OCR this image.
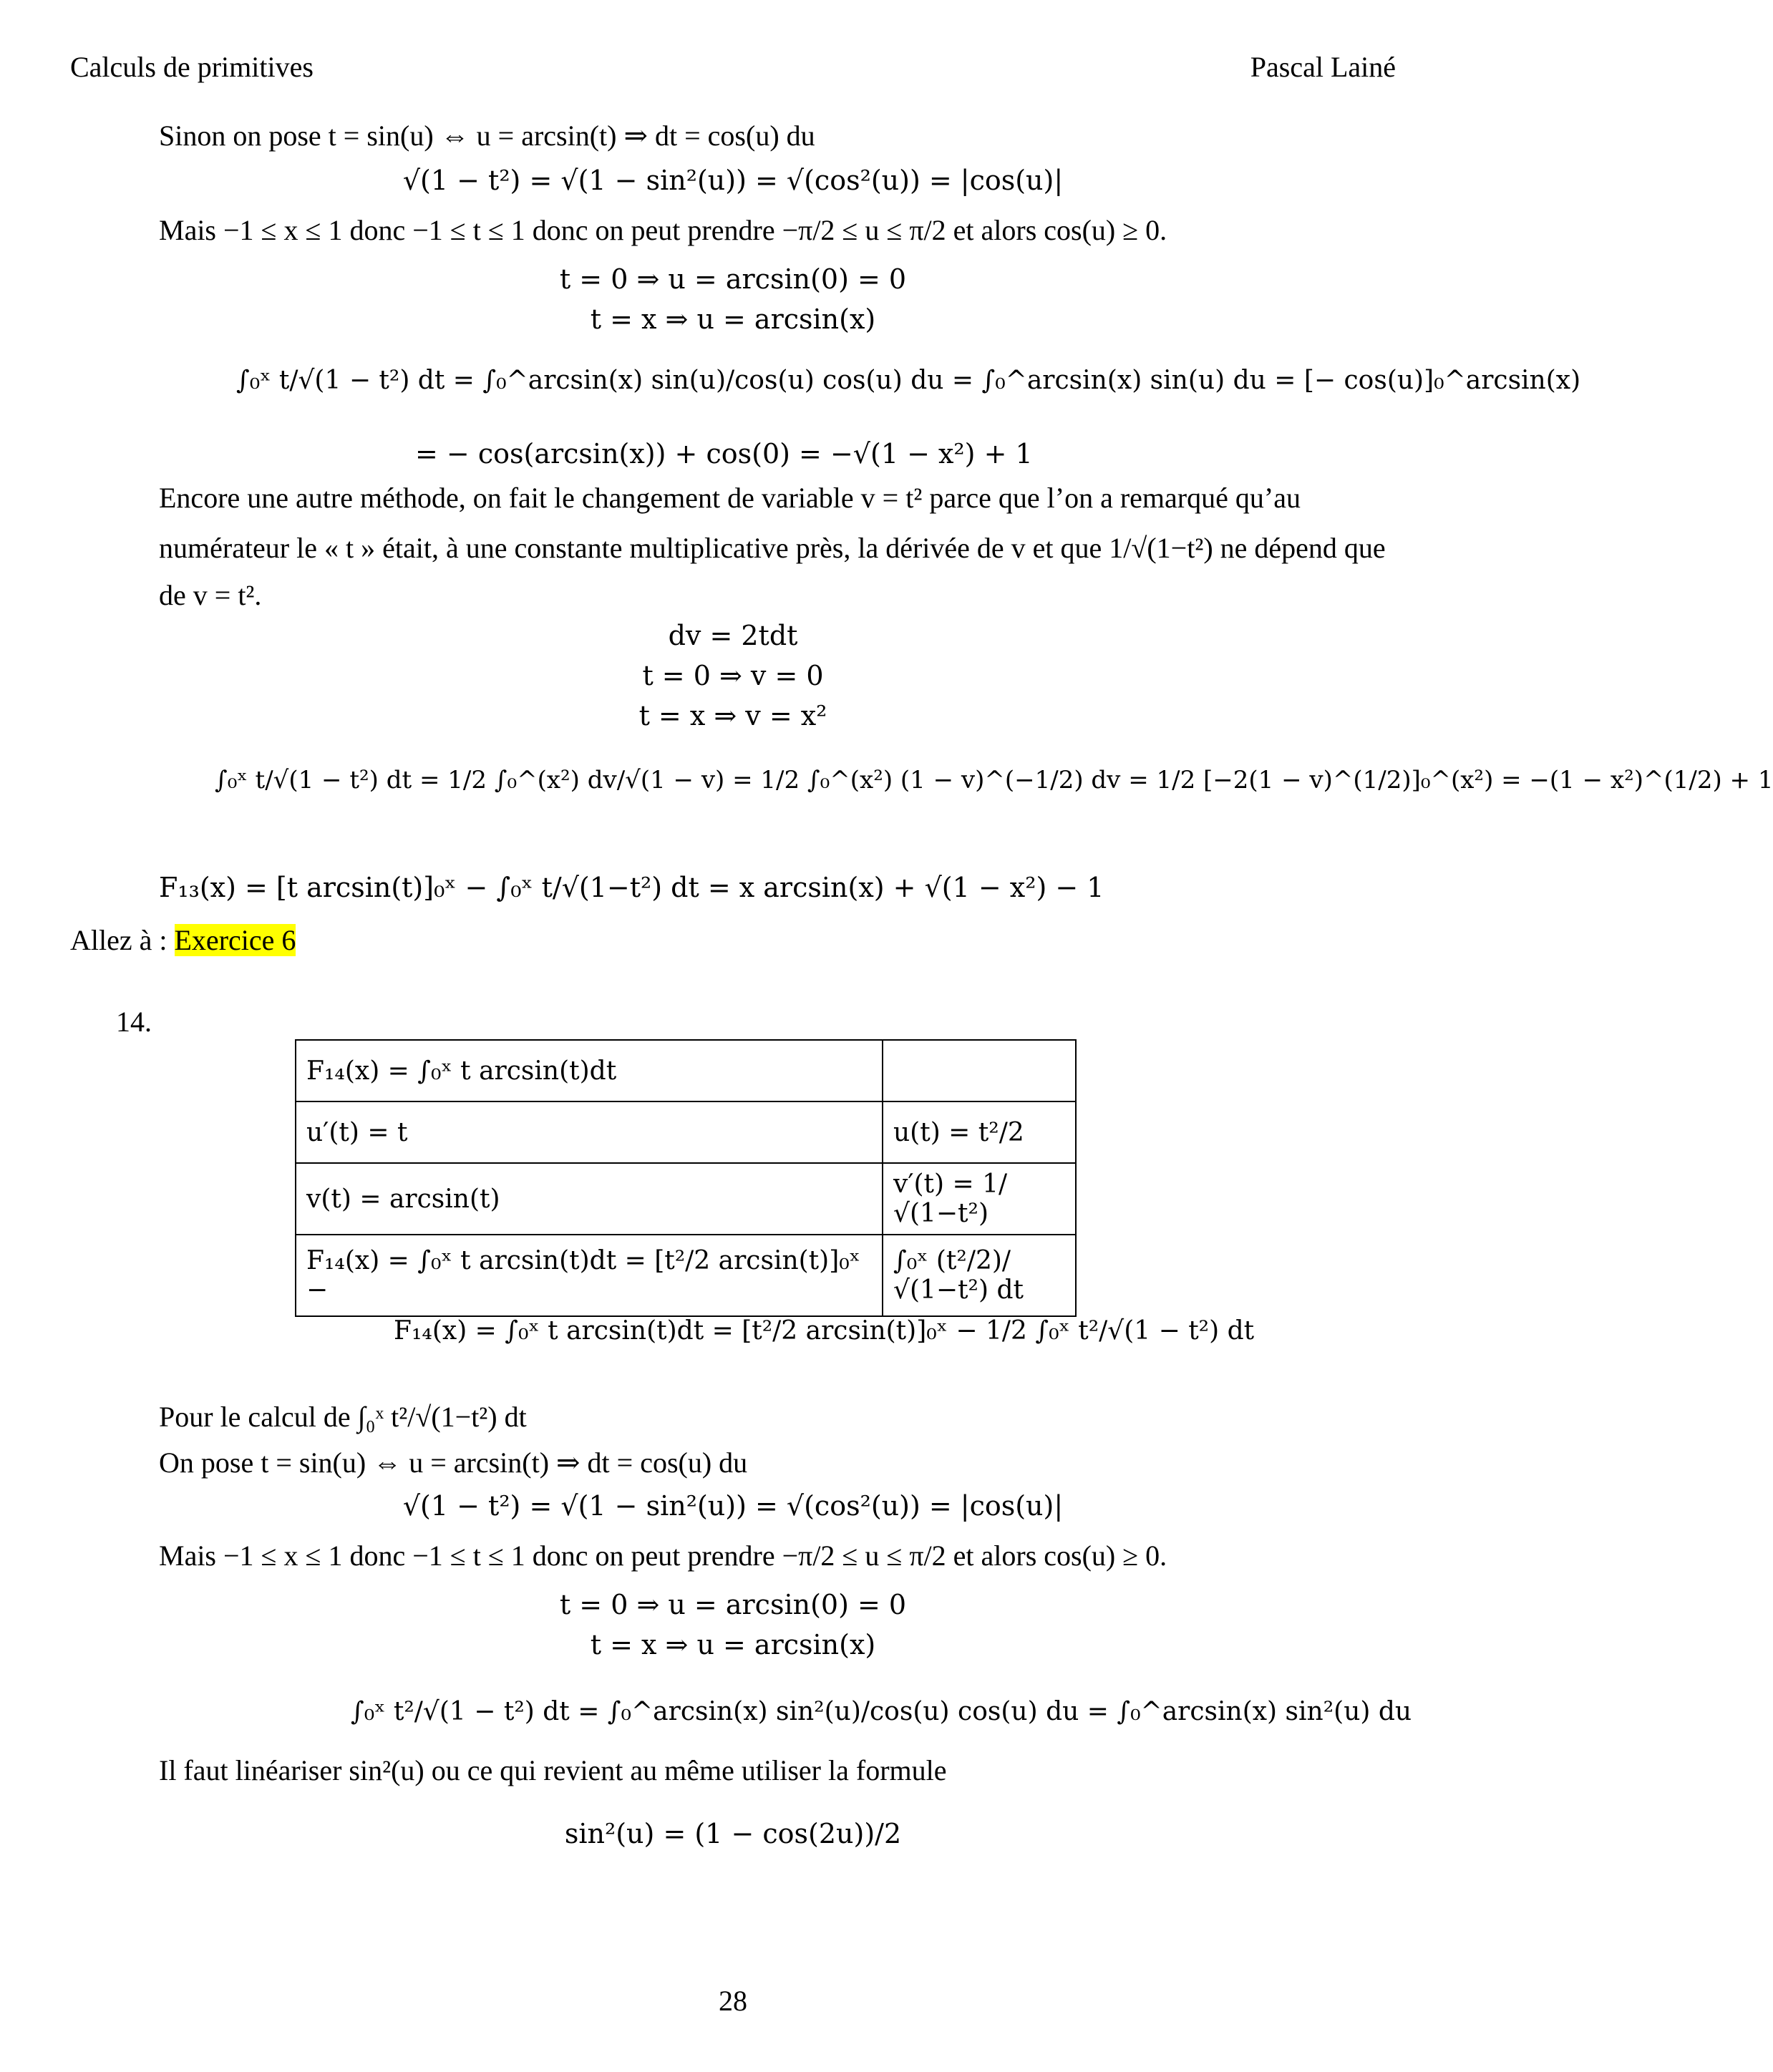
Calculs de primitives	Pascal Lainé
Sinon on pose t = sin(u) ⇔ u = arcsin(t) ⇒ dt = cos(u) du
√(1 − t²) = √(1 − sin²(u)) = √(cos²(u)) = |cos(u)|
Mais −1 ≤ x ≤ 1 donc −1 ≤ t ≤ 1 donc on peut prendre −π/2 ≤ u ≤ π/2 et alors cos(u) ≥ 0.
t = 0 ⇒ u = arcsin(0) = 0
t = x ⇒ u = arcsin(x)
∫₀ˣ t/√(1 − t²) dt = ∫₀^arcsin(x) sin(u)/cos(u) cos(u) du = ∫₀^arcsin(x) sin(u) du = [− cos(u)]₀^arcsin(x)
= − cos(arcsin(x)) + cos(0) = −√(1 − x²) + 1
Encore une autre méthode, on fait le changement de variable v = t² parce que l’on a remarqué qu’au
numérateur le « t » était, à une constante multiplicative près, la dérivée de v et que 1/√(1−t²) ne dépend que
de v = t².
dv = 2tdt
t = 0 ⇒ v = 0
t = x ⇒ v = x²
∫₀ˣ t/√(1 − t²) dt = 1/2 ∫₀^(x²) dv/√(1 − v) = 1/2 ∫₀^(x²) (1 − v)^(−1/2) dv = 1/2 [−2(1 − v)^(1/2)]₀^(x²) = −(1 − x²)^(1/2) + 1
F₁₃(x) = [t arcsin(t)]₀ˣ − ∫₀ˣ t/√(1−t²) dt = x arcsin(x) + √(1 − x²) − 1
Allez à : Exercice 6
14.
F₁₄(x) = ∫₀ˣ t arcsin(t)dt	
u′(t) = t	u(t) = t²/2
v(t) = arcsin(t)	v′(t) = 1/√(1−t²)
F₁₄(x) = ∫₀ˣ t arcsin(t)dt = [t²/2 arcsin(t)]₀ˣ −	∫₀ˣ (t²/2)/√(1−t²) dt
F₁₄(x) = ∫₀ˣ t arcsin(t)dt = [t²/2 arcsin(t)]₀ˣ − 1/2 ∫₀ˣ t²/√(1 − t²) dt
Pour le calcul de ∫₀ˣ t²/√(1−t²) dt
On pose t = sin(u) ⇔ u = arcsin(t) ⇒ dt = cos(u) du
√(1 − t²) = √(1 − sin²(u)) = √(cos²(u)) = |cos(u)|
Mais −1 ≤ x ≤ 1 donc −1 ≤ t ≤ 1 donc on peut prendre −π/2 ≤ u ≤ π/2 et alors cos(u) ≥ 0.
t = 0 ⇒ u = arcsin(0) = 0
t = x ⇒ u = arcsin(x)
∫₀ˣ t²/√(1 − t²) dt = ∫₀^arcsin(x) sin²(u)/cos(u) cos(u) du = ∫₀^arcsin(x) sin²(u) du
Il faut linéariser sin²(u) ou ce qui revient au même utiliser la formule
sin²(u) = (1 − cos(2u))/2
28
